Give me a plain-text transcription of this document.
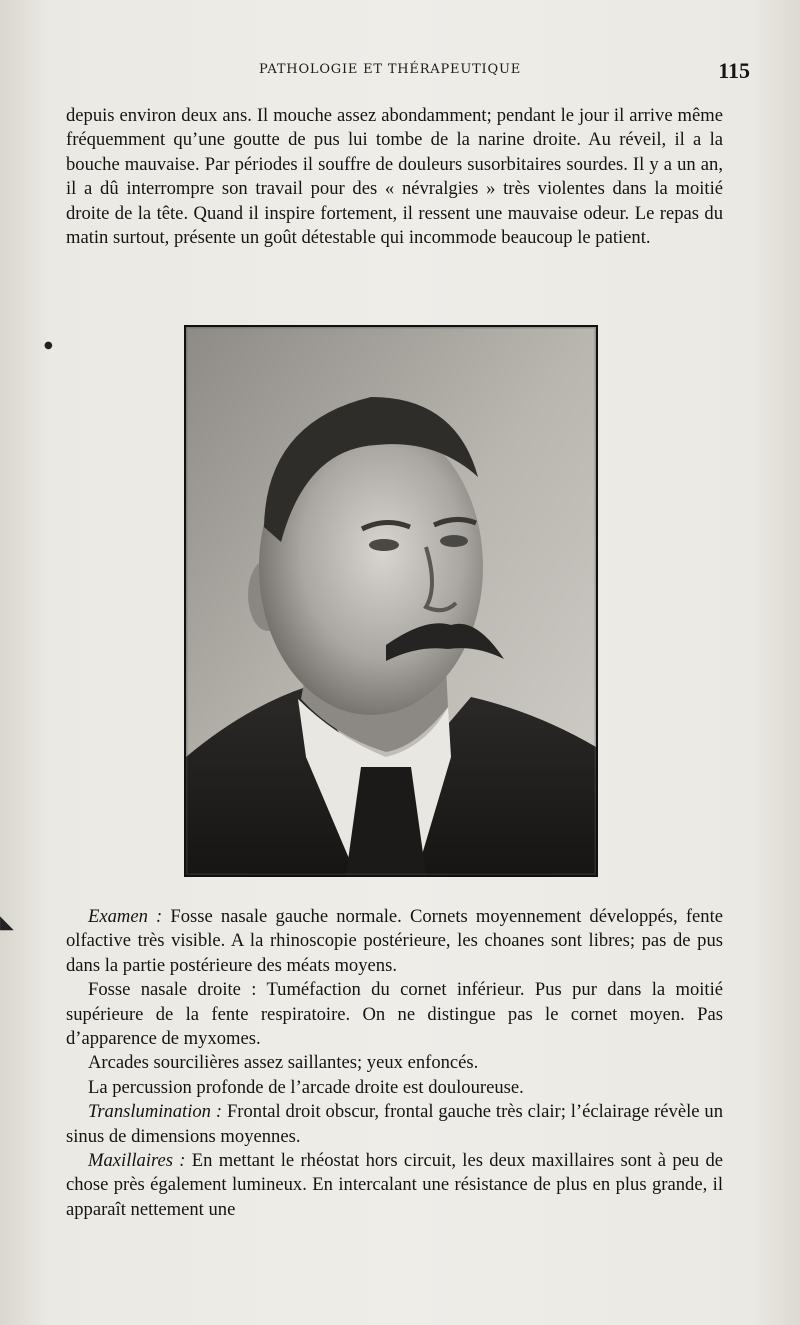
PATHOLOGIE ET THÉRAPEUTIQUE	115

depuis environ deux ans. Il mouche assez abondamment; pendant le jour il arrive même fréquemment qu’une goutte de pus lui tombe de la narine droite. Au réveil, il a la bouche mauvaise. Par périodes il souffre de douleurs susorbitaires sourdes. Il y a un an, il a dû interrompre son travail pour des « névralgies » très violentes dans la moitié droite de la tête. Quand il inspire fortement, il ressent une mauvaise odeur. Le repas du matin surtout, présente un goût détestable qui incommode beaucoup le patient.

Examen : Fosse nasale gauche normale. Cornets moyennement développés, fente olfactive très visible. A la rhinoscopie postérieure, les choanes sont libres; pas de pus dans la partie postérieure des méats moyens.
Fosse nasale droite : Tuméfaction du cornet inférieur. Pus pur dans la moitié supérieure de la fente respiratoire. On ne distingue pas le cornet moyen. Pas d’apparence de myxomes.
Arcades sourcilières assez saillantes; yeux enfoncés.
La percussion profonde de l’arcade droite est douloureuse.
Translumination : Frontal droit obscur, frontal gauche très clair; l’éclairage révèle un sinus de dimensions moyennes.
Maxillaires : En mettant le rhéostat hors circuit, les deux maxillaires sont à peu de chose près également lumineux. En intercalant une résistance de plus en plus grande, il apparaît nettement une
●
◣
